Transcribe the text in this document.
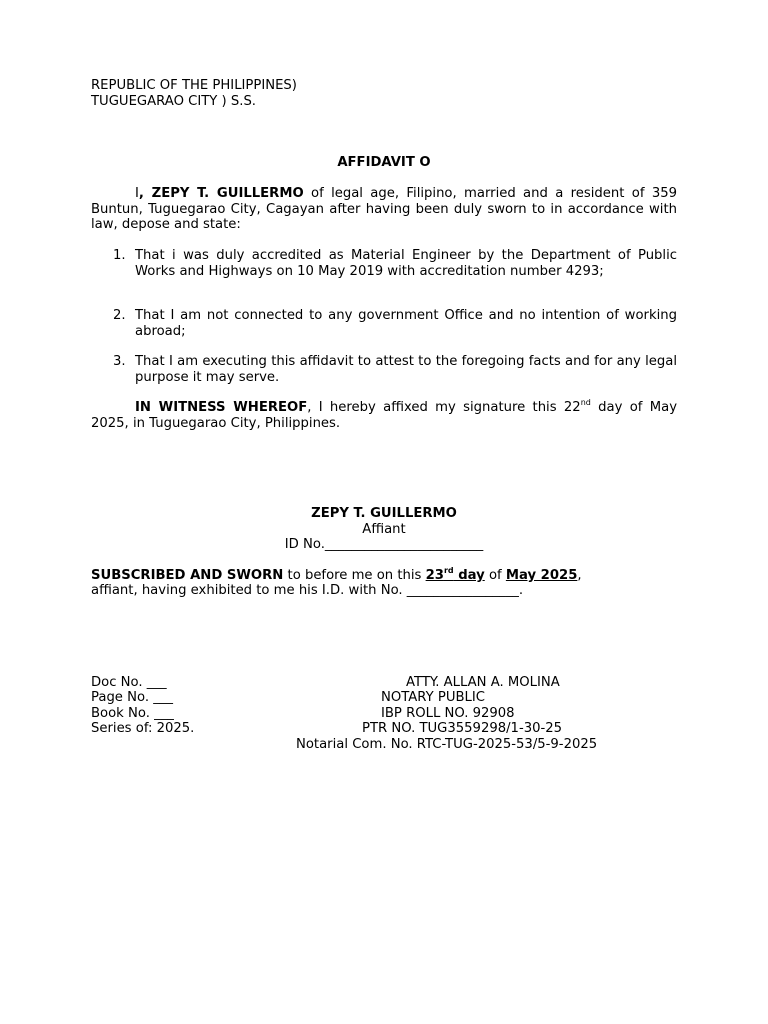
REPUBLIC OF THE PHILIPPINES)
TUGUEGARAO CITY ) S.S.
AFFIDAVIT O
I, ZEPY T. GUILLERMO of legal age, Filipino, married and a resident of 359 Buntun, Tuguegarao City, Cagayan after having been duly sworn to in accordance with law, depose and state:
1. That i was duly accredited as Material Engineer by the Department of Public Works and Highways on 10 May 2019 with accreditation number 4293;
2. That I am not connected to any government Office and no intention of working abroad;
3. That I am executing this affidavit to attest to the foregoing facts and for any legal purpose it may serve.
IN WITNESS WHEREOF, I hereby affixed my signature this 22nd day of May 2025, in Tuguegarao City, Philippines.
ZEPY T. GUILLERMO
Affiant
ID No.________________________
SUBSCRIBED AND SWORN to before me on this 23rd day of May 2025,
affiant, having exhibited to me his I.D. with No. _________________.
Doc No. ___
Page No. ___
Book No. ___
Series of: 2025.
ATTY. ALLAN A. MOLINA
NOTARY PUBLIC
IBP ROLL NO. 92908
PTR NO. TUG3559298/1-30-25
Notarial Com. No. RTC-TUG-2025-53/5-9-2025
